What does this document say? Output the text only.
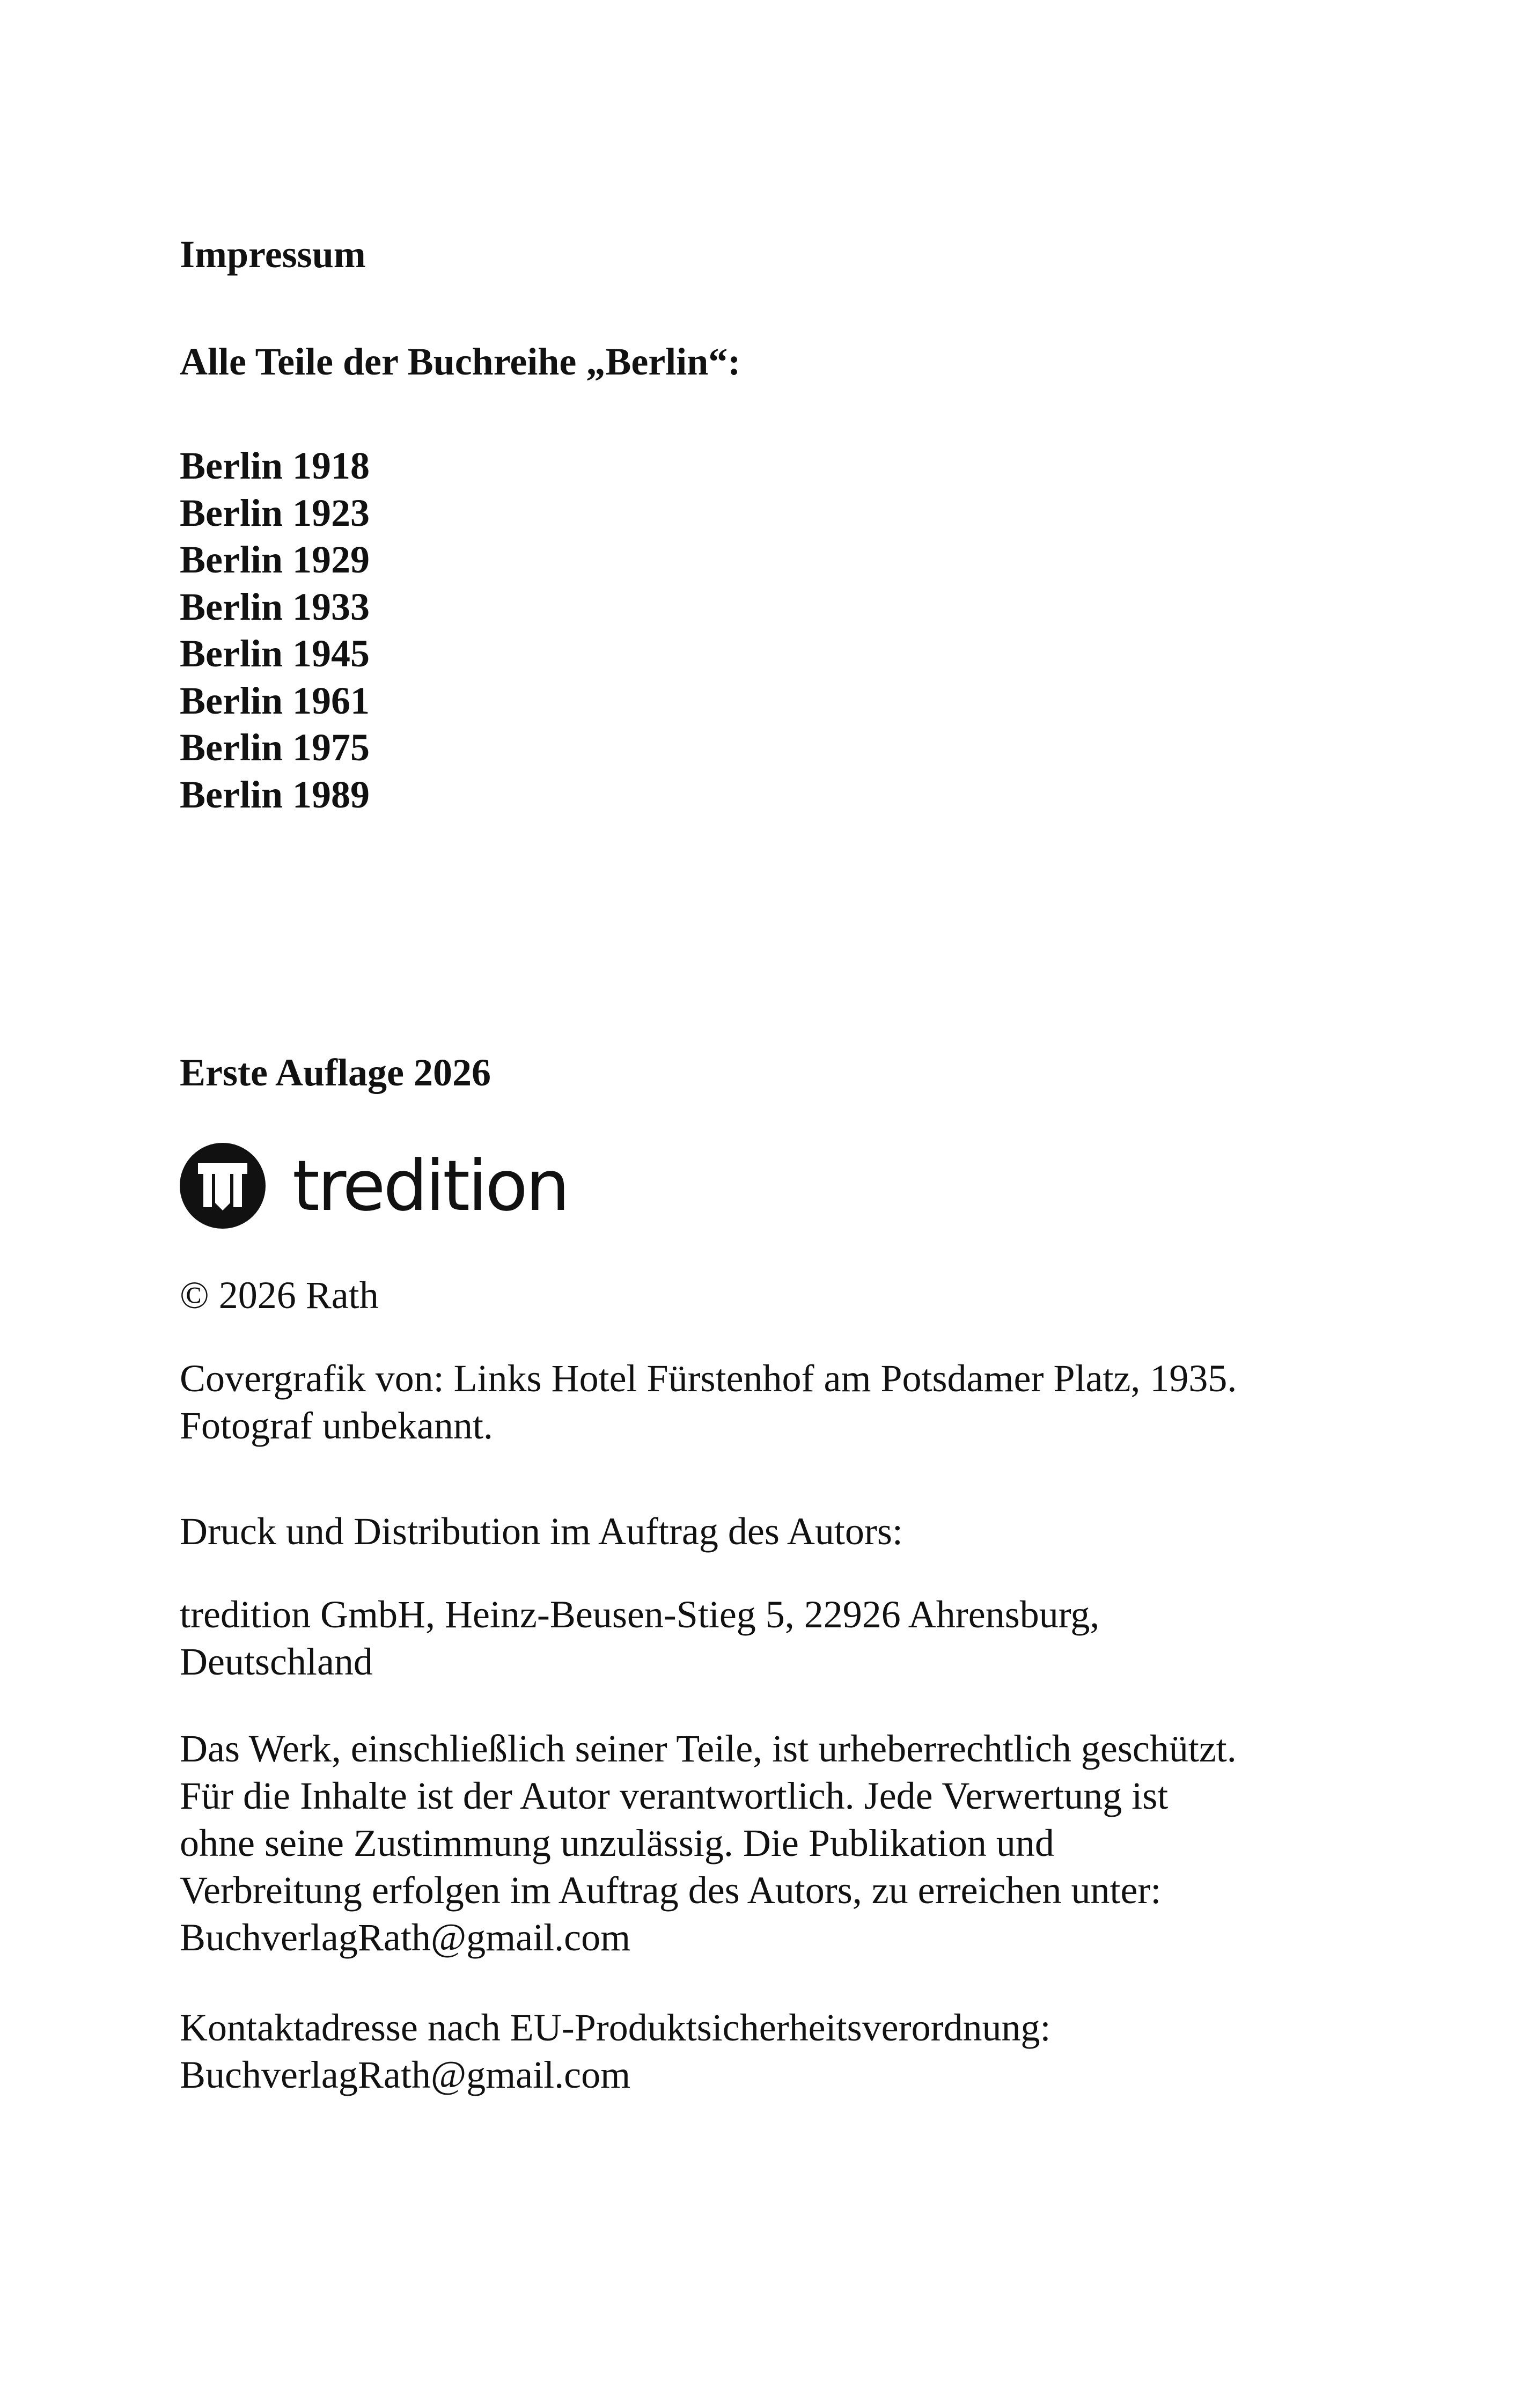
Impressum
Alle Teile der Buchreihe „Berlin“:
Berlin 1918
Berlin 1923
Berlin 1929
Berlin 1933
Berlin 1945
Berlin 1961
Berlin 1975
Berlin 1989
Erste Auflage 2026
tredition
© 2026 Rath
Covergrafik von: Links Hotel Fürstenhof am Potsdamer Platz, 1935.
Fotograf unbekannt.
Druck und Distribution im Auftrag des Autors:
tredition GmbH, Heinz-Beusen-Stieg 5, 22926 Ahrensburg,
Deutschland
Das Werk, einschließlich seiner Teile, ist urheberrechtlich geschützt.
Für die Inhalte ist der Autor verantwortlich. Jede Verwertung ist
ohne seine Zustimmung unzulässig. Die Publikation und
Verbreitung erfolgen im Auftrag des Autors, zu erreichen unter:
BuchverlagRath@gmail.com
Kontaktadresse nach EU-Produktsicherheitsverordnung:
BuchverlagRath@gmail.com
